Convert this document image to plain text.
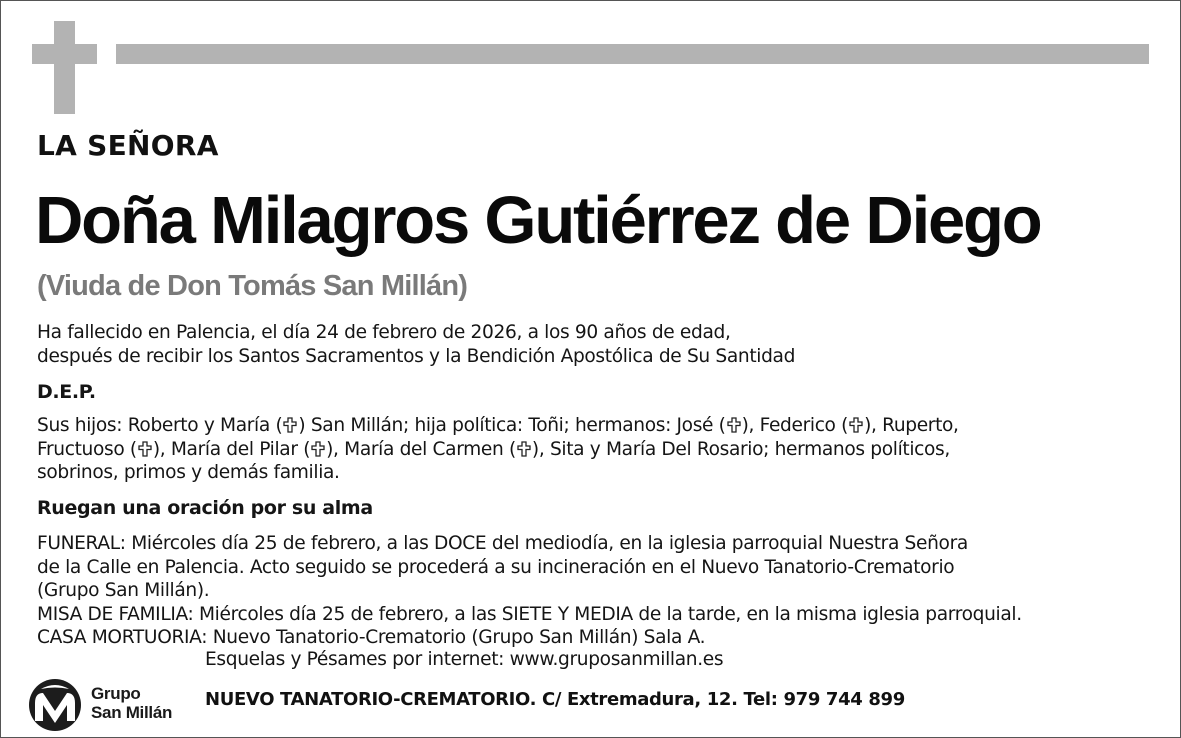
LA SEÑORA
Doña Milagros Gutiérrez de Diego
(Viuda de Don Tomás San Millán)
Ha fallecido en Palencia, el día 24 de febrero de 2026, a los 90 años de edad,
después de recibir los Santos Sacramentos y la Bendición Apostólica de Su Santidad
D.E.P.
Sus hijos: Roberto y María ( ) San Millán; hija política: Toñi; hermanos: José ( ), Federico ( ), Ruperto,
Fructuoso ( ), María del Pilar ( ), María del Carmen ( ), Sita y María Del Rosario; hermanos políticos,
sobrinos, primos y demás familia.
Ruegan una oración por su alma
FUNERAL: Miércoles día 25 de febrero, a las DOCE del mediodía, en la iglesia parroquial Nuestra Señora
de la Calle en Palencia. Acto seguido se procederá a su incineración en el Nuevo Tanatorio-Crematorio
(Grupo San Millán).
MISA DE FAMILIA: Miércoles día 25 de febrero, a las SIETE Y MEDIA de la tarde, en la misma iglesia parroquial.
CASA MORTUORIA: Nuevo Tanatorio-Crematorio (Grupo San Millán) Sala A.
Esquelas y Pésames por internet: www.gruposanmillan.es
Grupo
San Millán
NUEVO TANATORIO-CREMATORIO. C/ Extremadura, 12. Tel: 979 744 899
